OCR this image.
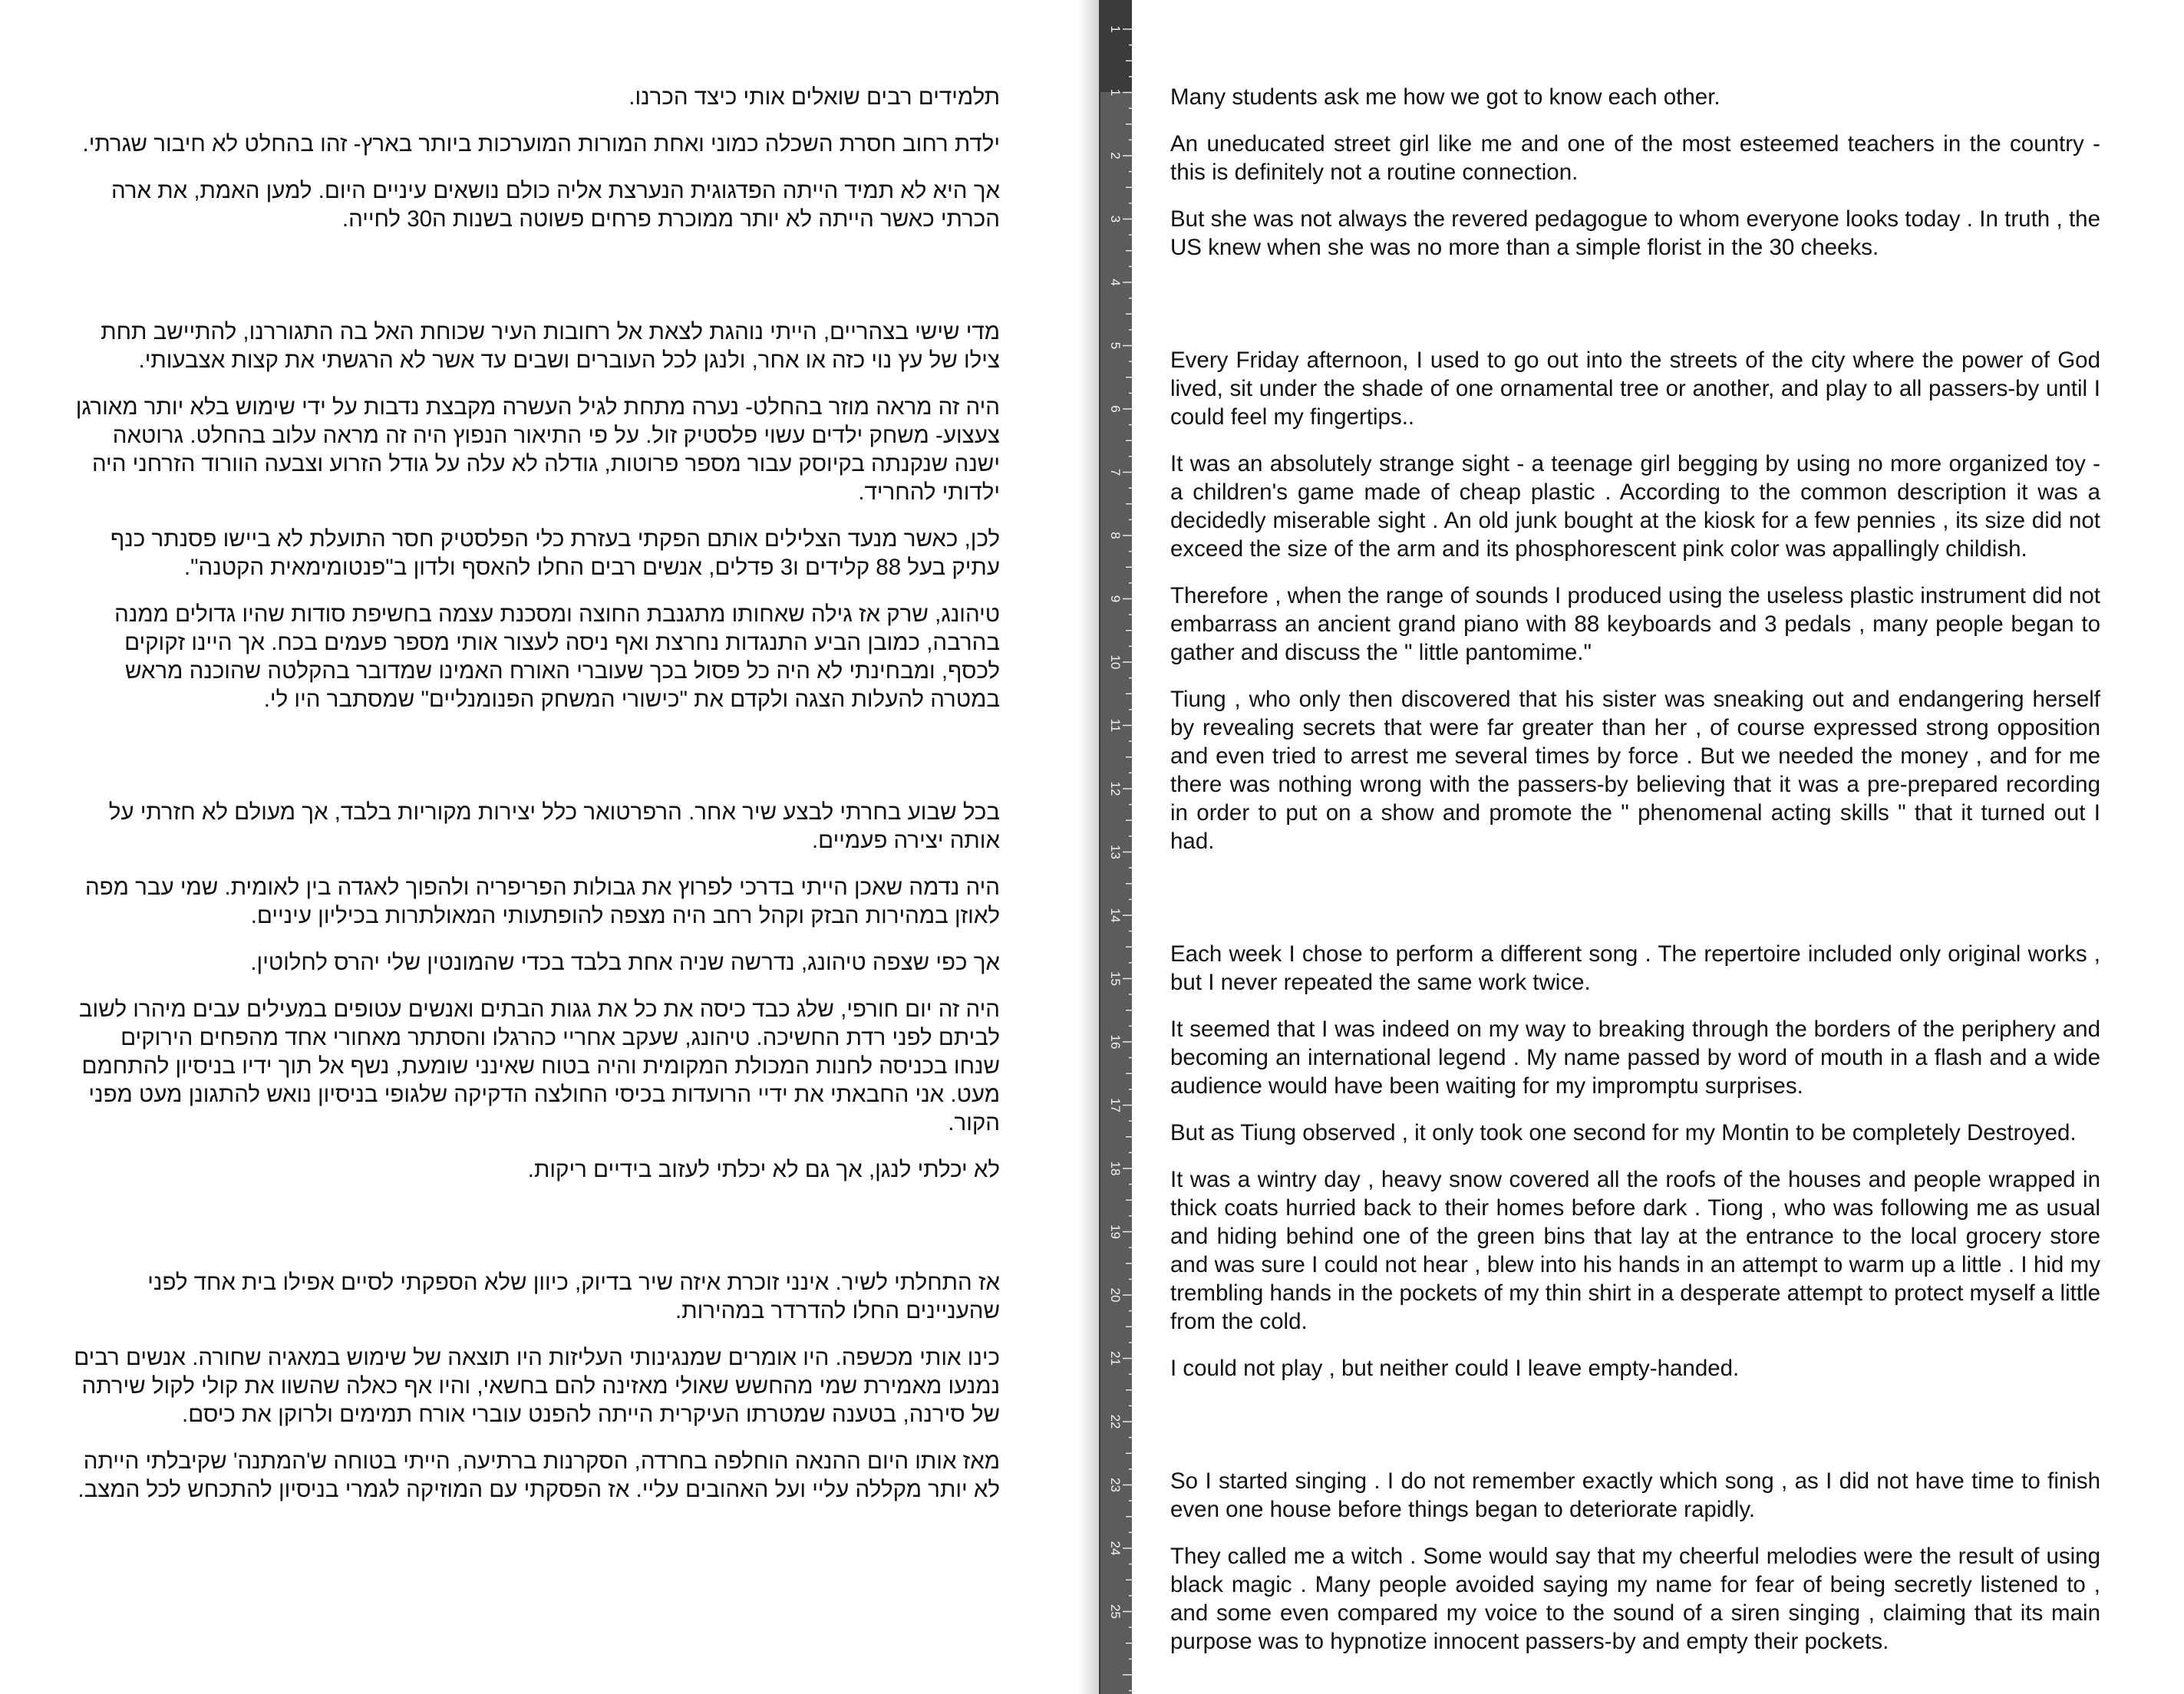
תלמידים רבים שואלים אותי כיצד הכרנו.

ילדת רחוב חסרת השכלה כמוני ואחת המורות המוערכות ביותר בארץ- זהו בהחלט לא חיבור שגרתי.

אך היא לא תמיד הייתה הפדגוגית הנערצת אליה כולם נושאים עיניים היום. למען האמת, את ארה הכרתי כאשר הייתה לא יותר ממוכרת פרחים פשוטה בשנות ה30 לחייה.

מדי שישי בצהריים, הייתי נוהגת לצאת אל רחובות העיר שכוחת האל בה התגוררנו, להתיישב תחת צילו של עץ נוי כזה או אחר, ולנגן לכל העוברים ושבים עד אשר לא הרגשתי את קצות אצבעותי.

היה זה מראה מוזר בהחלט- נערה מתחת לגיל העשרה מקבצת נדבות על ידי שימוש בלא יותר מאורגן צעצוע- משחק ילדים עשוי פלסטיק זול. על פי התיאור הנפוץ היה זה מראה עלוב בהחלט. גרוטאה ישנה שנקנתה בקיוסק עבור מספר פרוטות, גודלה לא עלה על גודל הזרוע וצבעה הוורוד הזרחני היה ילדותי להחריד.

לכן, כאשר מנעד הצלילים אותם הפקתי בעזרת כלי הפלסטיק חסר התועלת לא ביישו פסנתר כנף עתיק בעל 88 קלידים ו3 פדלים, אנשים רבים החלו להאסף ולדון ב"פנטומימאית הקטנה".

טיהונג, שרק אז גילה שאחותו מתגנבת החוצה ומסכנת עצמה בחשיפת סודות שהיו גדולים ממנה בהרבה, כמובן הביע התנגדות נחרצת ואף ניסה לעצור אותי מספר פעמים בכח. אך היינו זקוקים לכסף, ומבחינתי לא היה כל פסול בכך שעוברי האורח האמינו שמדובר בהקלטה שהוכנה מראש במטרה להעלות הצגה ולקדם את "כישורי המשחק הפנומנליים" שמסתבר היו לי.

בכל שבוע בחרתי לבצע שיר אחר. הרפרטואר כלל יצירות מקוריות בלבד, אך מעולם לא חזרתי על אותה יצירה פעמיים.

היה נדמה שאכן הייתי בדרכי לפרוץ את גבולות הפריפריה ולהפוך לאגדה בין לאומית. שמי עבר מפה לאוזן במהירות הבזק וקהל רחב היה מצפה להופתעותי המאולתרות בכיליון עיניים.

אך כפי שצפה טיהונג, נדרשה שניה אחת בלבד בכדי שהמונטין שלי יהרס לחלוטין.

היה זה יום חורפי, שלג כבד כיסה את כל את גגות הבתים ואנשים עטופים במעילים עבים מיהרו לשוב לביתם לפני רדת החשיכה. טיהונג, שעקב אחריי כהרגלו והסתתר מאחורי אחד מהפחים הירוקים שנחו בכניסה לחנות המכולת המקומית והיה בטוח שאינני שומעת, נשף אל תוך ידיו בניסיון להתחמם מעט. אני החבאתי את ידיי הרועדות בכיסי החולצה הדקיקה שלגופי בניסיון נואש להתגונן מעט מפני הקור.

לא יכלתי לנגן, אך גם לא יכלתי לעזוב בידיים ריקות.

אז התחלתי לשיר. אינני זוכרת איזה שיר בדיוק, כיוון שלא הספקתי לסיים אפילו בית אחד לפני שהעניינים החלו להדרדר במהירות.

כינו אותי מכשפה. היו אומרים שמנגינותי העליזות היו תוצאה של שימוש במאגיה שחורה. אנשים רבים נמנעו מאמירת שמי מהחשש שאולי מאזינה להם בחשאי, והיו אף כאלה שהשוו את קולי לקול שירתה של סירנה, בטענה שמטרתו העיקרית הייתה להפנט עוברי אורח תמימים ולרוקן את כיסם.

מאז אותו היום ההנאה הוחלפה בחרדה, הסקרנות ברתיעה, הייתי בטוחה ש'המתנה' שקיבלתי הייתה לא יותר מקללה עליי ועל האהובים עליי. אז הפסקתי עם המוזיקה לגמרי בניסיון להתכחש לכל המצב.

1
1
2
3
4
5
6
7
8
9
10
11
12
13
14
15
16
17
18
19
20
21
22
23
24
25

Many students ask me how we got to know each other.

An uneducated street girl like me and one of the most esteemed teachers in the country - this is definitely not a routine connection.

But she was not always the revered pedagogue to whom everyone looks today . In truth , the US knew when she was no more than a simple florist in the 30 cheeks.

Every Friday afternoon, I used to go out into the streets of the city where the power of God lived, sit under the shade of one ornamental tree or another, and play to all passers-by until I could feel my fingertips..

It was an absolutely strange sight - a teenage girl begging by using no more organized toy - a children's game made of cheap plastic . According to the common description it was a decidedly miserable sight . An old junk bought at the kiosk for a few pennies , its size did not exceed the size of the arm and its phosphorescent pink color was appallingly childish.

Therefore , when the range of sounds I produced using the useless plastic instrument did not embarrass an ancient grand piano with 88 keyboards and 3 pedals , many people began to gather and discuss the " little pantomime."

Tiung , who only then discovered that his sister was sneaking out and endangering herself by revealing secrets that were far greater than her , of course expressed strong opposition and even tried to arrest me several times by force . But we needed the money , and for me there was nothing wrong with the passers-by believing that it was a pre-prepared recording in order to put on a show and promote the " phenomenal acting skills " that it turned out I had.

Each week I chose to perform a different song . The repertoire included only original works , but I never repeated the same work twice.

It seemed that I was indeed on my way to breaking through the borders of the periphery and becoming an international legend . My name passed by word of mouth in a flash and a wide audience would have been waiting for my impromptu surprises.

But as Tiung observed , it only took one second for my Montin to be completely Destroyed.

It was a wintry day , heavy snow covered all the roofs of the houses and people wrapped in thick coats hurried back to their homes before dark . Tiong , who was following me as usual and hiding behind one of the green bins that lay at the entrance to the local grocery store and was sure I could not hear , blew into his hands in an attempt to warm up a little . I hid my trembling hands in the pockets of my thin shirt in a desperate attempt to protect myself a little from the cold.

I could not play , but neither could I leave empty-handed.

So I started singing . I do not remember exactly which song , as I did not have time to finish even one house before things began to deteriorate rapidly.

They called me a witch . Some would say that my cheerful melodies were the result of using black magic . Many people avoided saying my name for fear of being secretly listened to , and some even compared my voice to the sound of a siren singing , claiming that its main purpose was to hypnotize innocent passers-by and empty their pockets.
